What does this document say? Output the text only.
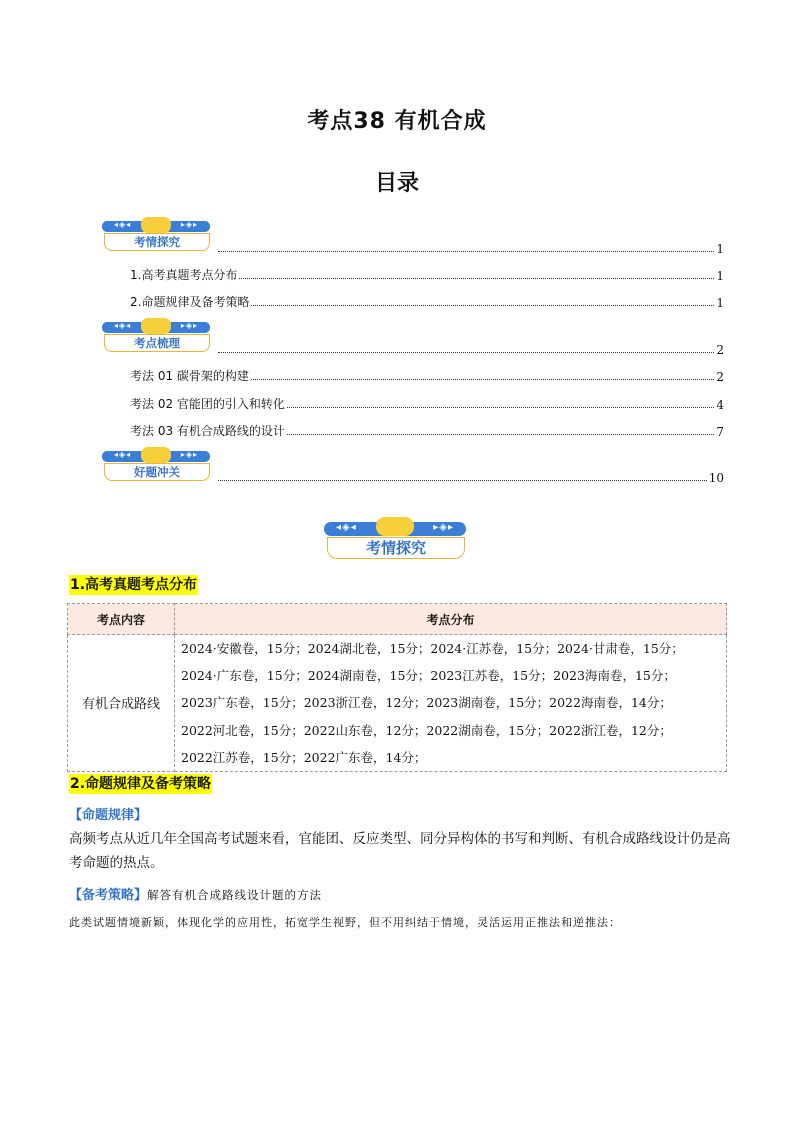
考点38 有机合成
目录
◂◈◂	▸◈▸
考情探究	1
1.高考真题考点分布	1
2.命题规律及备考策略	1
◂◈◂	▸◈▸
考点梳理	2
考法 01 碳骨架的构建	2
考法 02 官能团的引入和转化	4
考法 03 有机合成路线的设计	7
◂◈◂	▸◈▸
好题冲关	10
◂◈◂	▸◈▸
考情探究
1.高考真题考点分布
考点内容	考点分布
有机合成路线	2024·安徽卷，15分；2024湖北卷，15分；2024·江苏卷，15分；2024·甘肃卷，15分；
2024·广东卷，15分；2024湖南卷，15分；2023江苏卷，15分；2023海南卷，15分；
2023广东卷，15分；2023浙江卷，12分；2023湖南卷，15分；2022海南卷，14分；
2022河北卷，15分；2022山东卷，12分；2022湖南卷，15分；2022浙江卷，12分；
2022江苏卷，15分；2022广东卷，14分；
2.命题规律及备考策略
【命题规律】
高频考点从近几年全国高考试题来看，官能团、反应类型、同分异构体的书写和判断、有机合成路线设计仍是高考命题的热点。
【备考策略】解答有机合成路线设计题的方法
此类试题情境新颖，体现化学的应用性，拓宽学生视野，但不用纠结于情境，灵活运用正推法和逆推法：
